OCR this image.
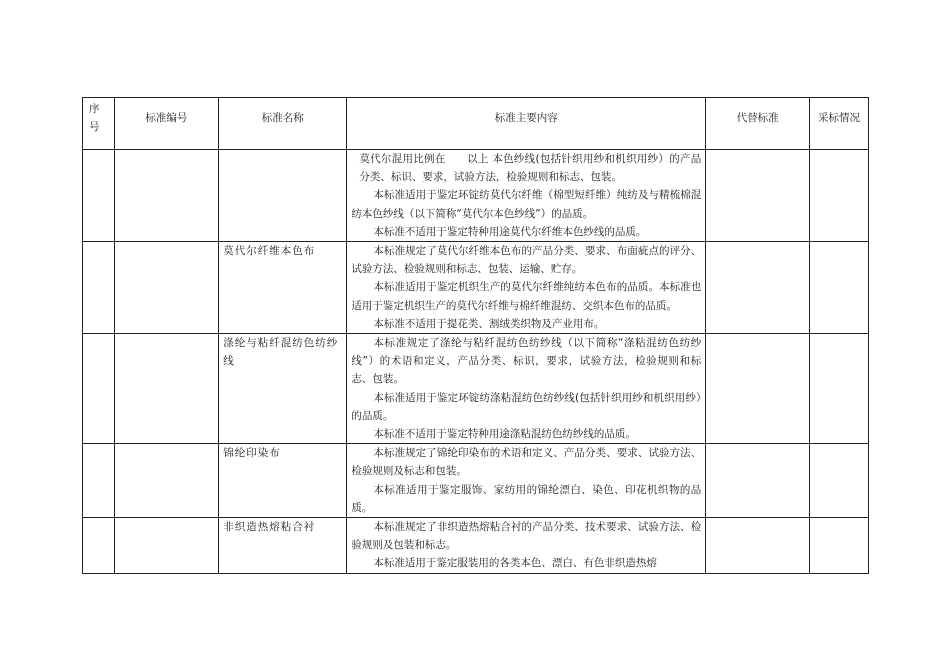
序号	标准编号	标准名称	标准主要内容	代替标准	采标情况

			莫代尔混用比例在　　以上 本色纱线(包括针织用纱和机织用纱）的产品分类、标识、要求，试验方法，检验规则和标志、包装。

本标准适用于鉴定环锭纺莫代尔纤维（棉型短纤维）纯纺及与精梳棉混纺本色纱线（以下简称“莫代尔本色纱线”）的品质。

本标准不适用于鉴定特种用途莫代尔纤维本色纱线的品质。		

		莫代尔纤维本色布	本标准规定了莫代尔纤维本色布的产品分类、要求、布面疵点的评分、试验方法、检验规则和标志、包装、运输、贮存。

本标准适用于鉴定机织生产的莫代尔纤维纯纺本色布的品质。本标准也适用于鉴定机织生产的莫代尔纤维与棉纤维混纺、交织本色布的品质。

本标准不适用于提花类、割绒类织物及产业用布。		

		涤纶与粘纤混纺色纺纱线	本标准规定了涤纶与粘纤混纺色纺纱线（以下简称“涤粘混纺色纺纱线”）的术语和定义，产品分类、标识，要求，试验方法，检验规则和标志、包装。

本标准适用于鉴定环锭纺涤粘混纺色纺纱线(包括针织用纱和机织用纱）的品质。

本标准不适用于鉴定特种用途涤粘混纺色纺纱线的品质。		

		锦纶印染布	本标准规定了锦纶印染布的术语和定义、产品分类、要求、试验方法、检验规则及标志和包装。

本标准适用于鉴定服饰、家纺用的锦纶漂白、染色、印花机织物的品质。		

		非织造热熔粘合衬	本标准规定了非织造热熔粘合衬的产品分类、技术要求、试验方法、检验规则及包装和标志。

本标准适用于鉴定服装用的各类本色、漂白、有色非织造热熔		
